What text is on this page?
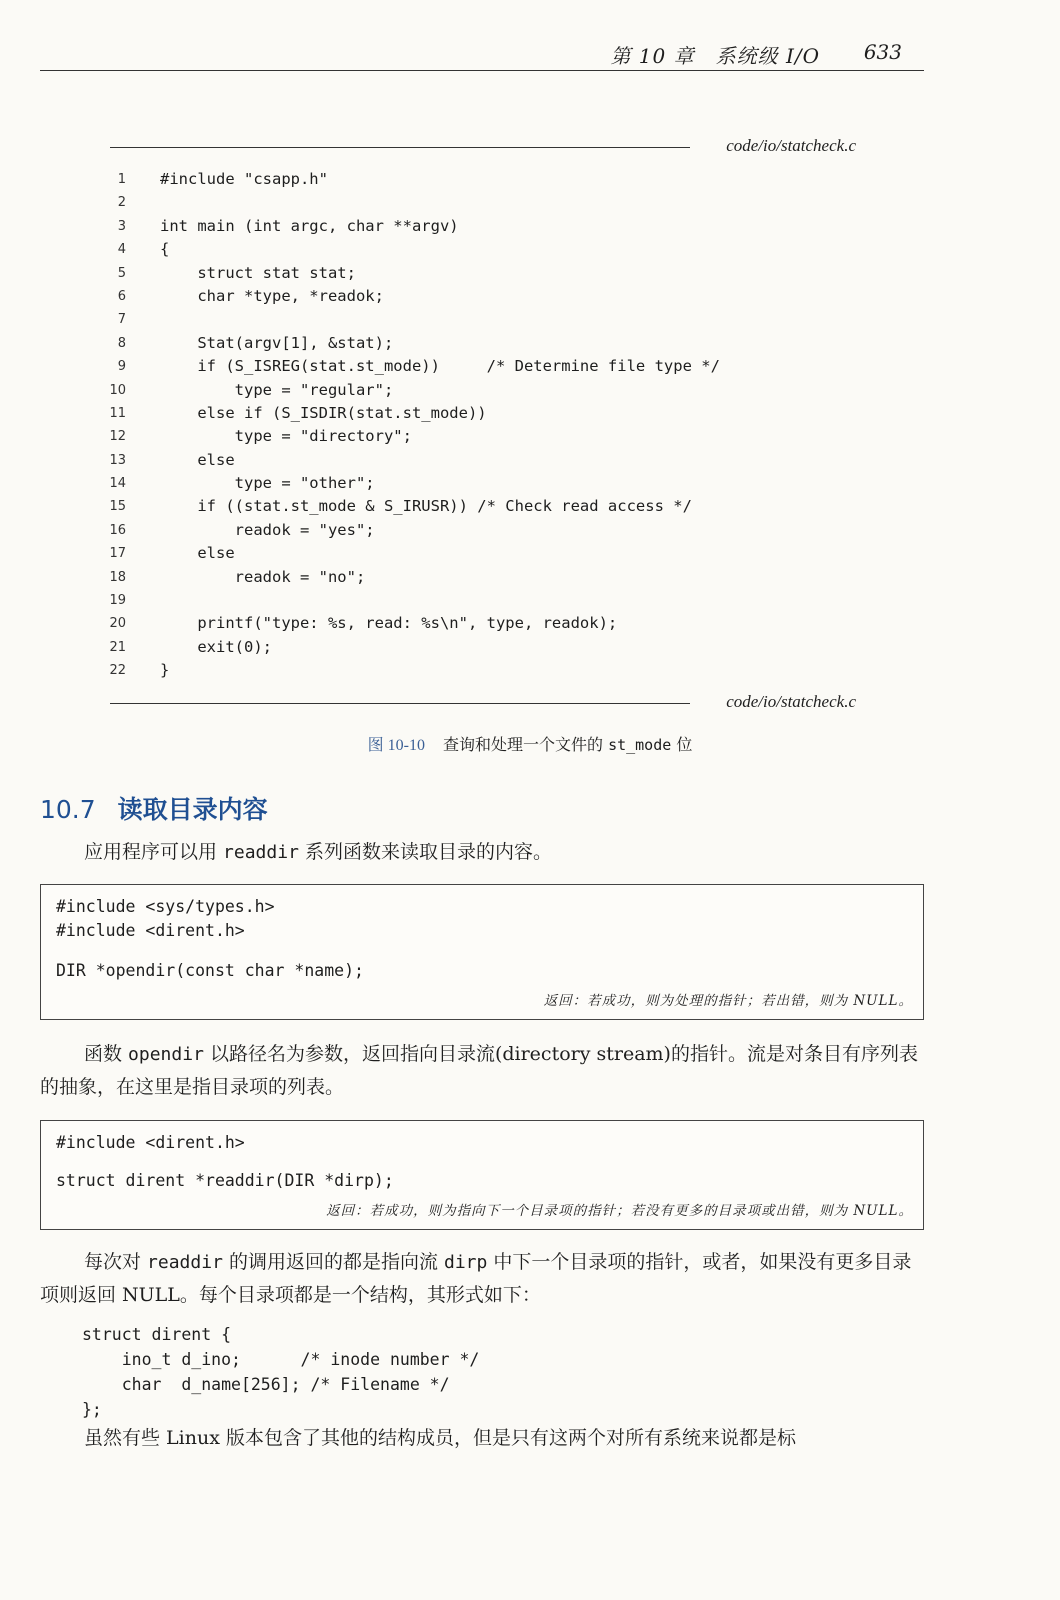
第 10 章　系统级 I/O 633
code/io/statcheck.c
1 #include "csapp.h"
2
3 int main (int argc, char **argv)
4 {
5 struct stat stat;
6 char *type, *readok;
7
8 Stat(argv[1], &stat);
9 if (S_ISREG(stat.st_mode))     /* Determine file type */
10 type = "regular";
11 else if (S_ISDIR(stat.st_mode))
12 type = "directory";
13 else
14 type = "other";
15 if ((stat.st_mode & S_IRUSR)) /* Check read access */
16 readok = "yes";
17 else
18 readok = "no";
19
20 printf("type: %s, read: %s\n", type, readok);
21 exit(0);
22 }
code/io/statcheck.c
图 10-10 查询和处理一个文件的 st_mode 位
10.7 读取目录内容
应用程序可以用 readdir 系列函数来读取目录的内容。
#include <sys/types.h>
#include <dirent.h>
DIR *opendir(const char *name);
返回：若成功，则为处理的指针；若出错，则为 NULL。
函数 opendir 以路径名为参数，返回指向目录流(directory stream)的指针。流是对条目有序列表的抽象，在这里是指目录项的列表。
#include <dirent.h>
struct dirent *readdir(DIR *dirp);
返回：若成功，则为指向下一个目录项的指针；若没有更多的目录项或出错，则为 NULL。
每次对 readdir 的调用返回的都是指向流 dirp 中下一个目录项的指针，或者，如果没有更多目录项则返回 NULL。每个目录项都是一个结构，其形式如下：
struct dirent {
ino_t d_ino;      /* inode number */
char  d_name[256]; /* Filename */
};
虽然有些 Linux 版本包含了其他的结构成员，但是只有这两个对所有系统来说都是标
